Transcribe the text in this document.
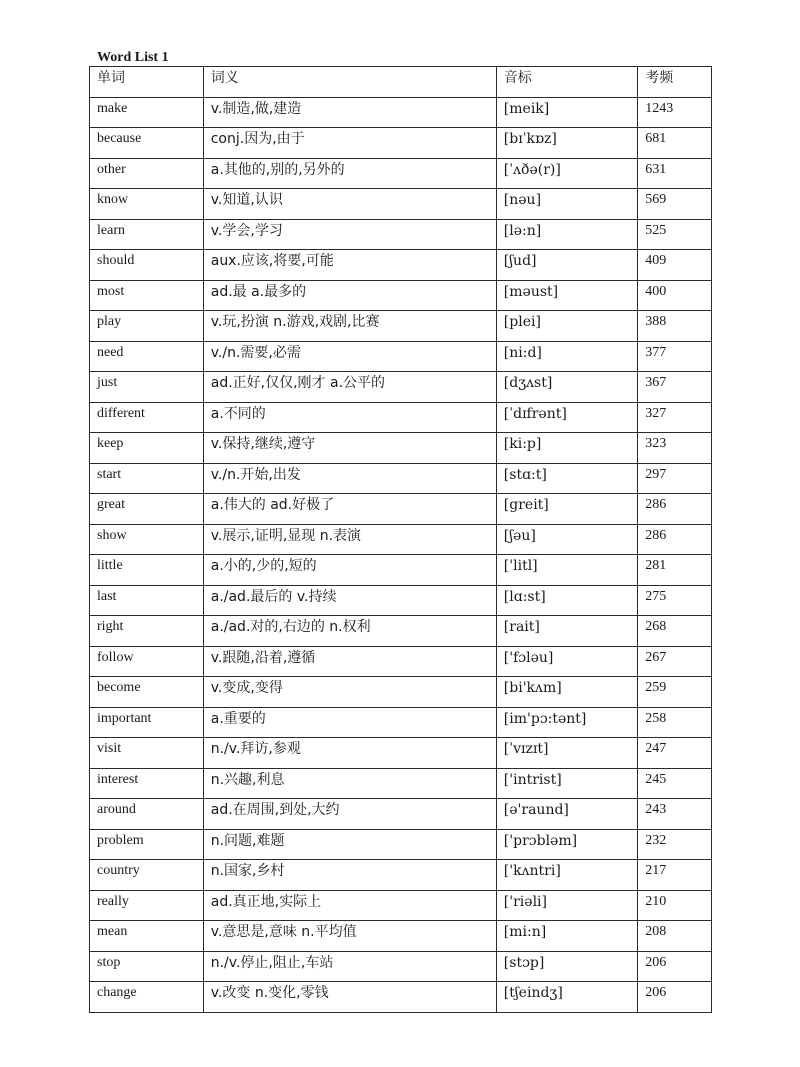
Word List 1
单词	词义	音标	考频
make	v.制造,做,建造	[meik]	1243
because	conj.因为,由于	[bɪˈkɒz]	681
other	a.其他的,别的,另外的	[ˈʌðə(r)]	631
know	v.知道,认识	[nəu]	569
learn	v.学会,学习	[lə:n]	525
should	aux.应该,将要,可能	[ʃud]	409
most	ad.最 a.最多的	[məust]	400
play	v.玩,扮演 n.游戏,戏剧,比赛	[plei]	388
need	v./n.需要,必需	[ni:d]	377
just	ad.正好,仅仅,刚才 a.公平的	[dʒʌst]	367
different	a.不同的	[ˈdɪfrənt]	327
keep	v.保持,继续,遵守	[ki:p]	323
start	v./n.开始,出发	[stɑ:t]	297
great	a.伟大的 ad.好极了	[greit]	286
show	v.展示,证明,显现 n.表演	[ʃəu]	286
little	a.小的,少的,短的	['litl]	281
last	a./ad.最后的 v.持续	[lɑ:st]	275
right	a./ad.对的,右边的 n.权利	[rait]	268
follow	v.跟随,沿着,遵循	['fɔləu]	267
become	v.变成,变得	[bi'kʌm]	259
important	a.重要的	[im'pɔ:tənt]	258
visit	n./v.拜访,参观	[ˈvɪzɪt]	247
interest	n.兴趣,利息	['intrist]	245
around	ad.在周围,到处,大约	[ə'raund]	243
problem	n.问题,难题	['prɔbləm]	232
country	n.国家,乡村	['kʌntri]	217
really	ad.真正地,实际上	['riəli]	210
mean	v.意思是,意味 n.平均值	[mi:n]	208
stop	n./v.停止,阻止,车站	[stɔp]	206
change	v.改变 n.变化,零钱	[tʃeindʒ]	206
